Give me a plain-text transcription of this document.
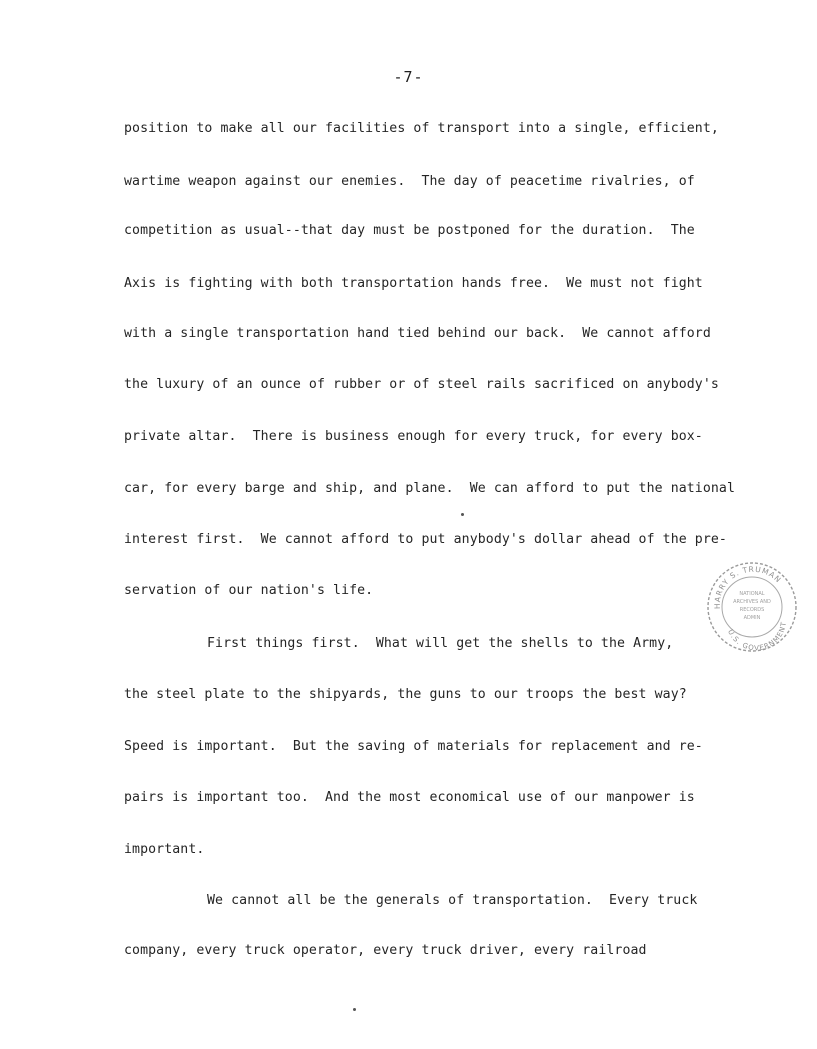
-7-
position to make all our facilities of transport into a single, efficient,
wartime weapon against our enemies.  The day of peacetime rivalries, of
competition as usual--that day must be postponed for the duration.  The
Axis is fighting with both transportation hands free.  We must not fight
with a single transportation hand tied behind our back.  We cannot afford
the luxury of an ounce of rubber or of steel rails sacrificed on anybody's
private altar.  There is business enough for every truck, for every box-
car, for every barge and ship, and plane.  We can afford to put the national
interest first.  We cannot afford to put anybody's dollar ahead of the pre-
servation of our nation's life.
First things first.  What will get the shells to the Army,
the steel plate to the shipyards, the guns to our troops the best way?
Speed is important.  But the saving of materials for replacement and re-
pairs is important too.  And the most economical use of our manpower is
important.
We cannot all be the generals of transportation.  Every truck
company, every truck operator, every truck driver, every railroad
HARRY S. TRUMAN
NATIONAL
ARCHIVES AND
RECORDS
ADMIN
U.S. GOVERNMENT
